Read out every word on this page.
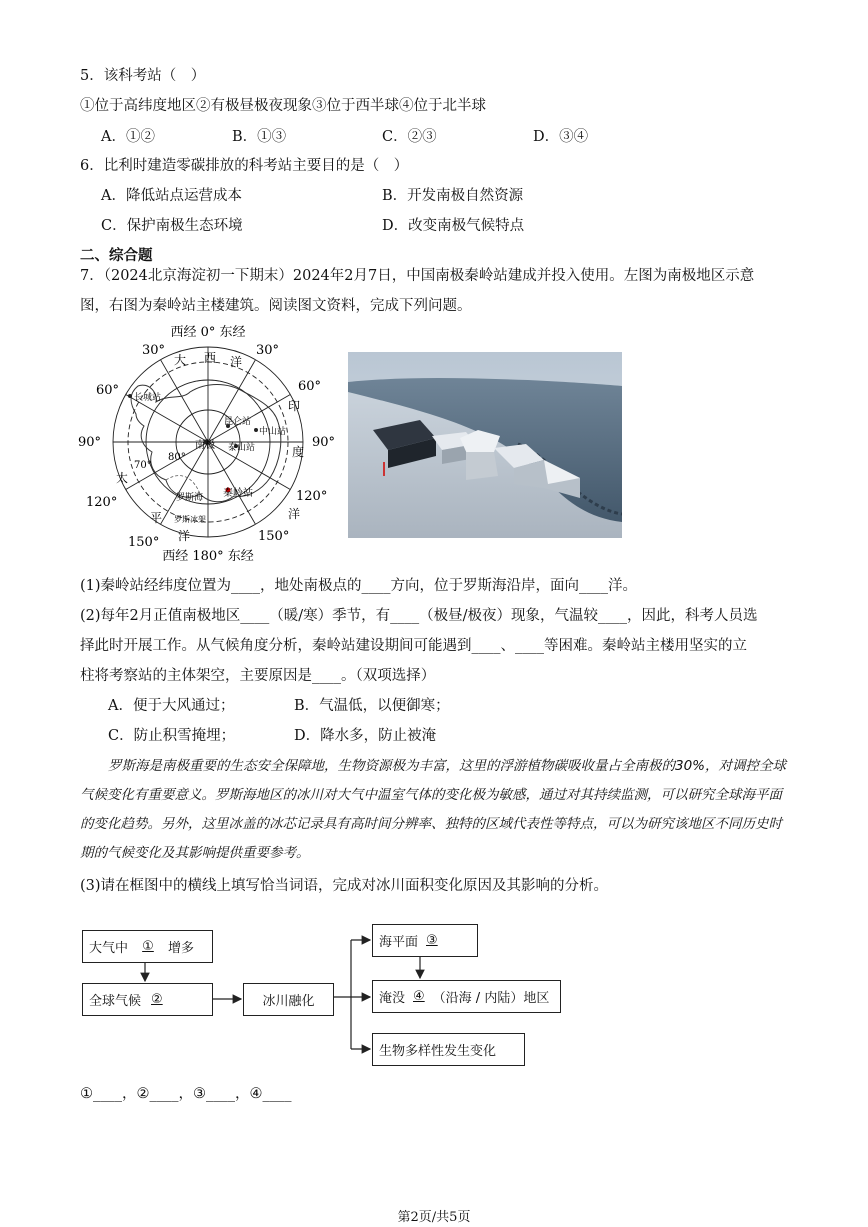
5．该科考站（　）
①位于高纬度地区②有极昼极夜现象③位于西半球④位于北半球
A．①②	B．①③	C．②③	D．③④
6．比利时建造零碳排放的科考站主要目的是（　）
A．降低站点运营成本	B．开发南极自然资源
C．保护南极生态环境	D．改变南极气候特点
二、综合题
7．（2024北京海淀初一下期末）2024年2月7日，中国南极秦岭站建成并投入使用。左图为南极地区示意
图，右图为秦岭站主楼建筑。阅读图文资料，完成下列问题。
西经 0° 东经
西经 180° 东经
30°	30°
60°	60°
90°	90°
120°	120°
150°	150°
70°
80°
南极
长城站
昆仑站
中山站
泰山站
秦岭站
罗斯海
罗斯冰架
大 西 洋
印
度
洋
太
平
洋
(1)秦岭站经纬度位置为____，地处南极点的____方向，位于罗斯海沿岸，面向____洋。
(2)每年2月正值南极地区____（暖/寒）季节，有____（极昼/极夜）现象，气温较____，因此，科考人员选
择此时开展工作。从气候角度分析，秦岭站建设期间可能遇到____、____等困难。秦岭站主楼用坚实的立
柱将考察站的主体架空，主要原因是____。（双项选择）
A．便于大风通过；	B．气温低，以便御寒；
C．防止积雪掩埋；	D．降水多，防止被淹
罗斯海是南极重要的生态安全保障地，生物资源极为丰富，这里的浮游植物碳吸收量占全南极的30%，对调控全球气候变化有重要意义。罗斯海地区的冰川对大气中温室气体的变化极为敏感，通过对其持续监测，可以研究全球海平面的变化趋势。另外，这里冰盖的冰芯记录具有高时间分辨率、独特的区域代表性等特点，可以为研究该地区不同历史时期的气候变化及其影响提供重要参考。
(3)请在框图中的横线上填写恰当词语，完成对冰川面积变化原因及其影响的分析。
大气中
	①
	增多
全球气候 ②	冰川融化
海平面 ③
淹没 ④ （沿海 / 内陆）地区
生物多样性发生变化
①____，②____，③____，④____
第2页/共5页
